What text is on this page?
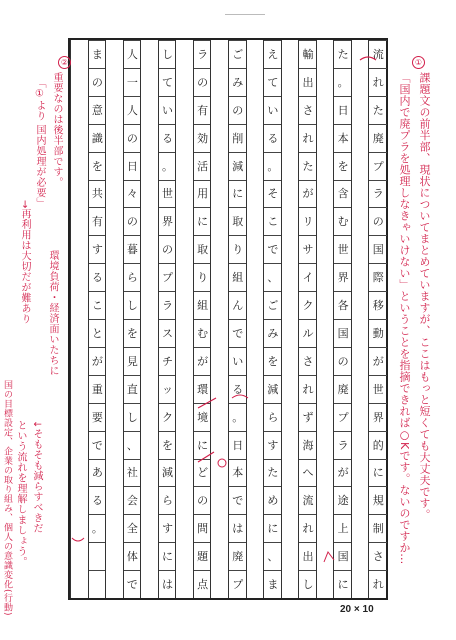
ま
の
意
識
を
共
有
す
る
こ
と
が
重
要
で
あ
る
。
人
一
人
の
日
々
の
暮
ら
し
を
見
直
し
、
社
会
全
体
で
し
て
い
る
。
世
界
の
プ
ラ
ス
チ
ッ
ク
を
減
ら
す
に
は
ラ
の
有
効
活
用
に
取
り
組
む
が
環
境
に
ど
の
問
題
点
ご
み
の
削
減
に
取
り
組
ん
で
い
る
。
日
本
で
は
廃
プ
え
て
い
る
。
そ
こ
で
、
ご
み
を
減
ら
す
た
め
に
、
ま
輸
出
さ
れ
た
が
リ
サ
イ
ク
ル
さ
れ
ず
海
へ
流
れ
出
し
た
。
日
本
を
含
む
世
界
各
国
の
廃
プ
ラ
が
途
上
国
に
流
れ
た
廃
プ
ラ
の
国
際
移
動
が
世
界
的
に
規
制
さ
れ
20 × 10
①
課題文の前半部、現状についてまとめていますが、ここはもっと短くても大丈夫です。
「国内で廃プラを処理しなきゃいけない」ということを指摘できれば○Kです。ないのですか…
②
重要なのは後半部です。
「①より 国内処理が必要」
→再利用は大切だが難あり 環境負荷・経済面いたちに
↓そもそも減らすべきだ
という流れを理解しましょう。
国の目標設定、企業の取り組み、個人の意識変化(行動)
